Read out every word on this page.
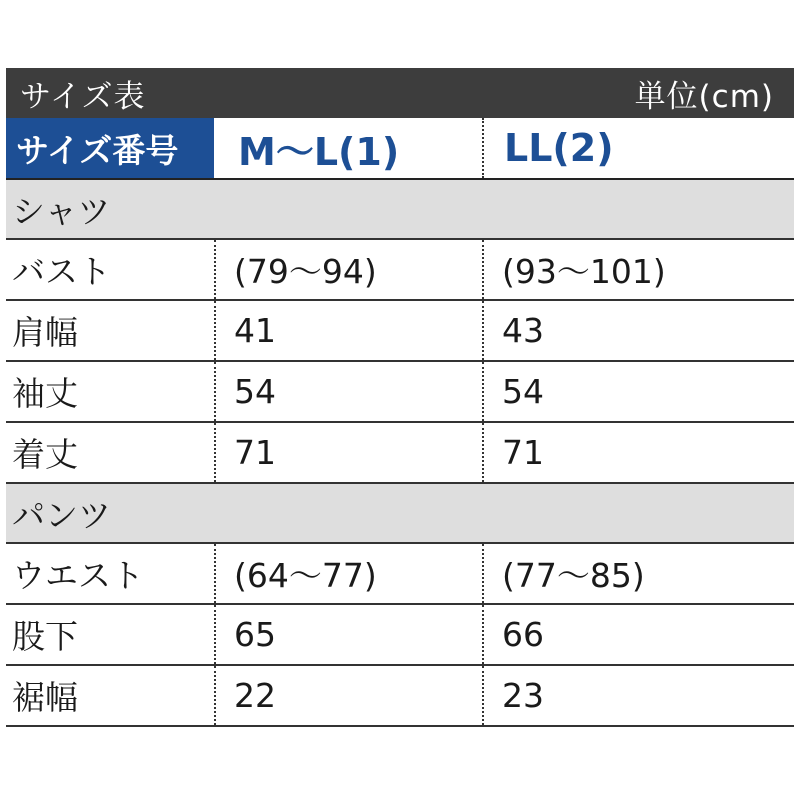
サイズ表	単位(cm)
サイズ番号	M～L(1)	LL(2)
シャツ
バスト	(79～94)	(93～101)
肩幅	41	43
袖丈	54	54
着丈	71	71
パンツ
ウエスト	(64～77)	(77～85)
股下	65	66
裾幅	22	23
